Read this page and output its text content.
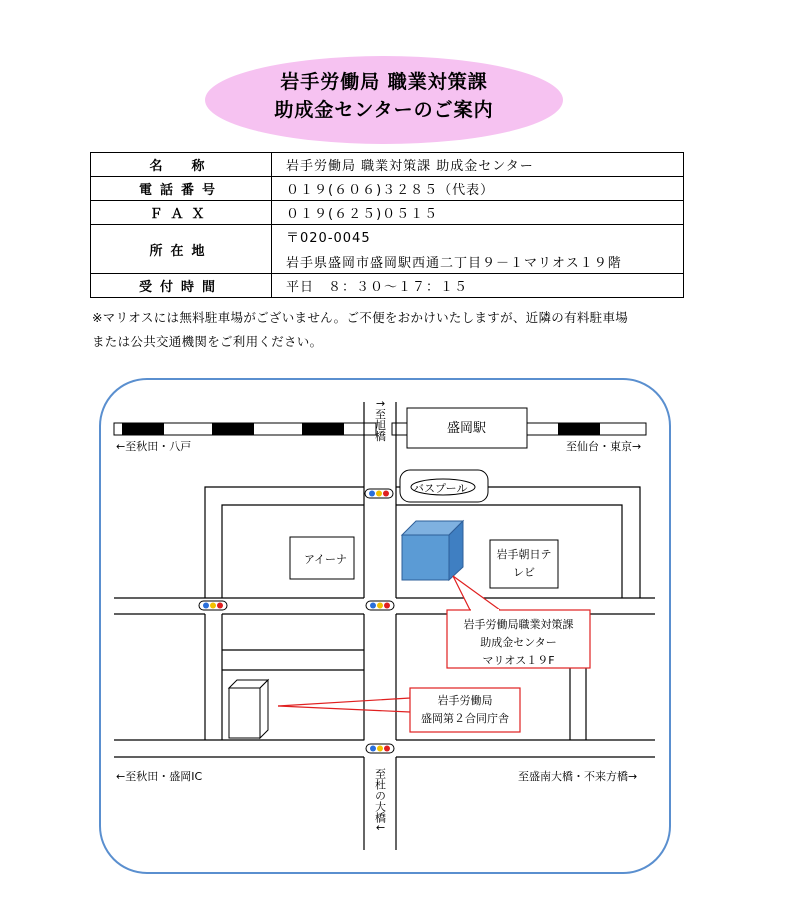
岩手労働局 職業対策課
助成金センターのご案内
名　称	岩手労働局 職業対策課 助成金センター
電話番号	０１９(６０６)３２８５（代表）
ＦＡＸ	０１９(６２５)０５１５
所在地	〒020-0045
岩手県盛岡市盛岡駅西通二丁目９－１マリオス１９階

受付時間	平日　８：３０～１７：１５
※マリオスには無料駐車場がございません。ご不便をおかけいたしますが、近隣の有料駐車場
または公共交通機関をご利用ください。
盛岡駅
←至秋田・八戸	至仙台・東京→
↑至旭橋
バスプール
アイーナ	岩手朝日テレビ
岩手労働局職業対策課
助成金センター
マリオス１９F
岩手労働局
盛岡第２合同庁舎
←至秋田・盛岡IC	至盛南大橋・不来方橋→
至杜の大橋↓
